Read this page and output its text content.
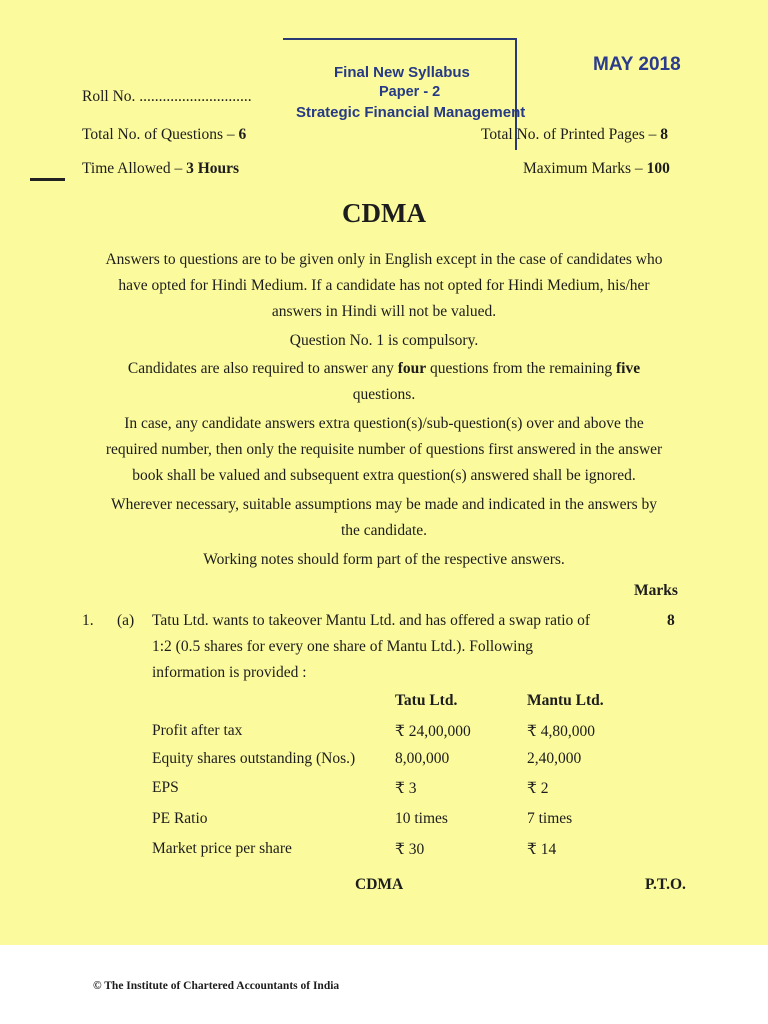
Final New Syllabus
Paper - 2
Strategic Financial Management
MAY 2018
Roll No. .............................
Total No. of Questions – 6	Total No. of Printed Pages – 8
Time Allowed – 3 Hours	Maximum Marks – 100
CDMA
Answers to questions are to be given only in English except in the case of candidates who
have opted for Hindi Medium. If a candidate has not opted for Hindi Medium, his/her
answers in Hindi will not be valued.
Question No. 1 is compulsory.
Candidates are also required to answer any four questions from the remaining five
questions.
In case, any candidate answers extra question(s)/sub-question(s) over and above the
required number, then only the requisite number of questions first answered in the answer
book shall be valued and subsequent extra question(s) answered shall be ignored.
Wherever necessary, suitable assumptions may be made and indicated in the answers by
the candidate.
Working notes should form part of the respective answers.
Marks
1. (a) Tatu Ltd. wants to takeover Mantu Ltd. and has offered a swap ratio of
1:2 (0.5 shares for every one share of Mantu Ltd.). Following
information is provided :
8
Tatu Ltd.	Mantu Ltd.
Profit after tax	₹ 24,00,000	₹ 4,80,000
Equity shares outstanding (Nos.)	8,00,000	2,40,000
EPS	₹ 3	₹ 2
PE Ratio	10 times	7 times
Market price per share	₹ 30	₹ 14
CDMA	P.T.O.
© The Institute of Chartered Accountants of India
